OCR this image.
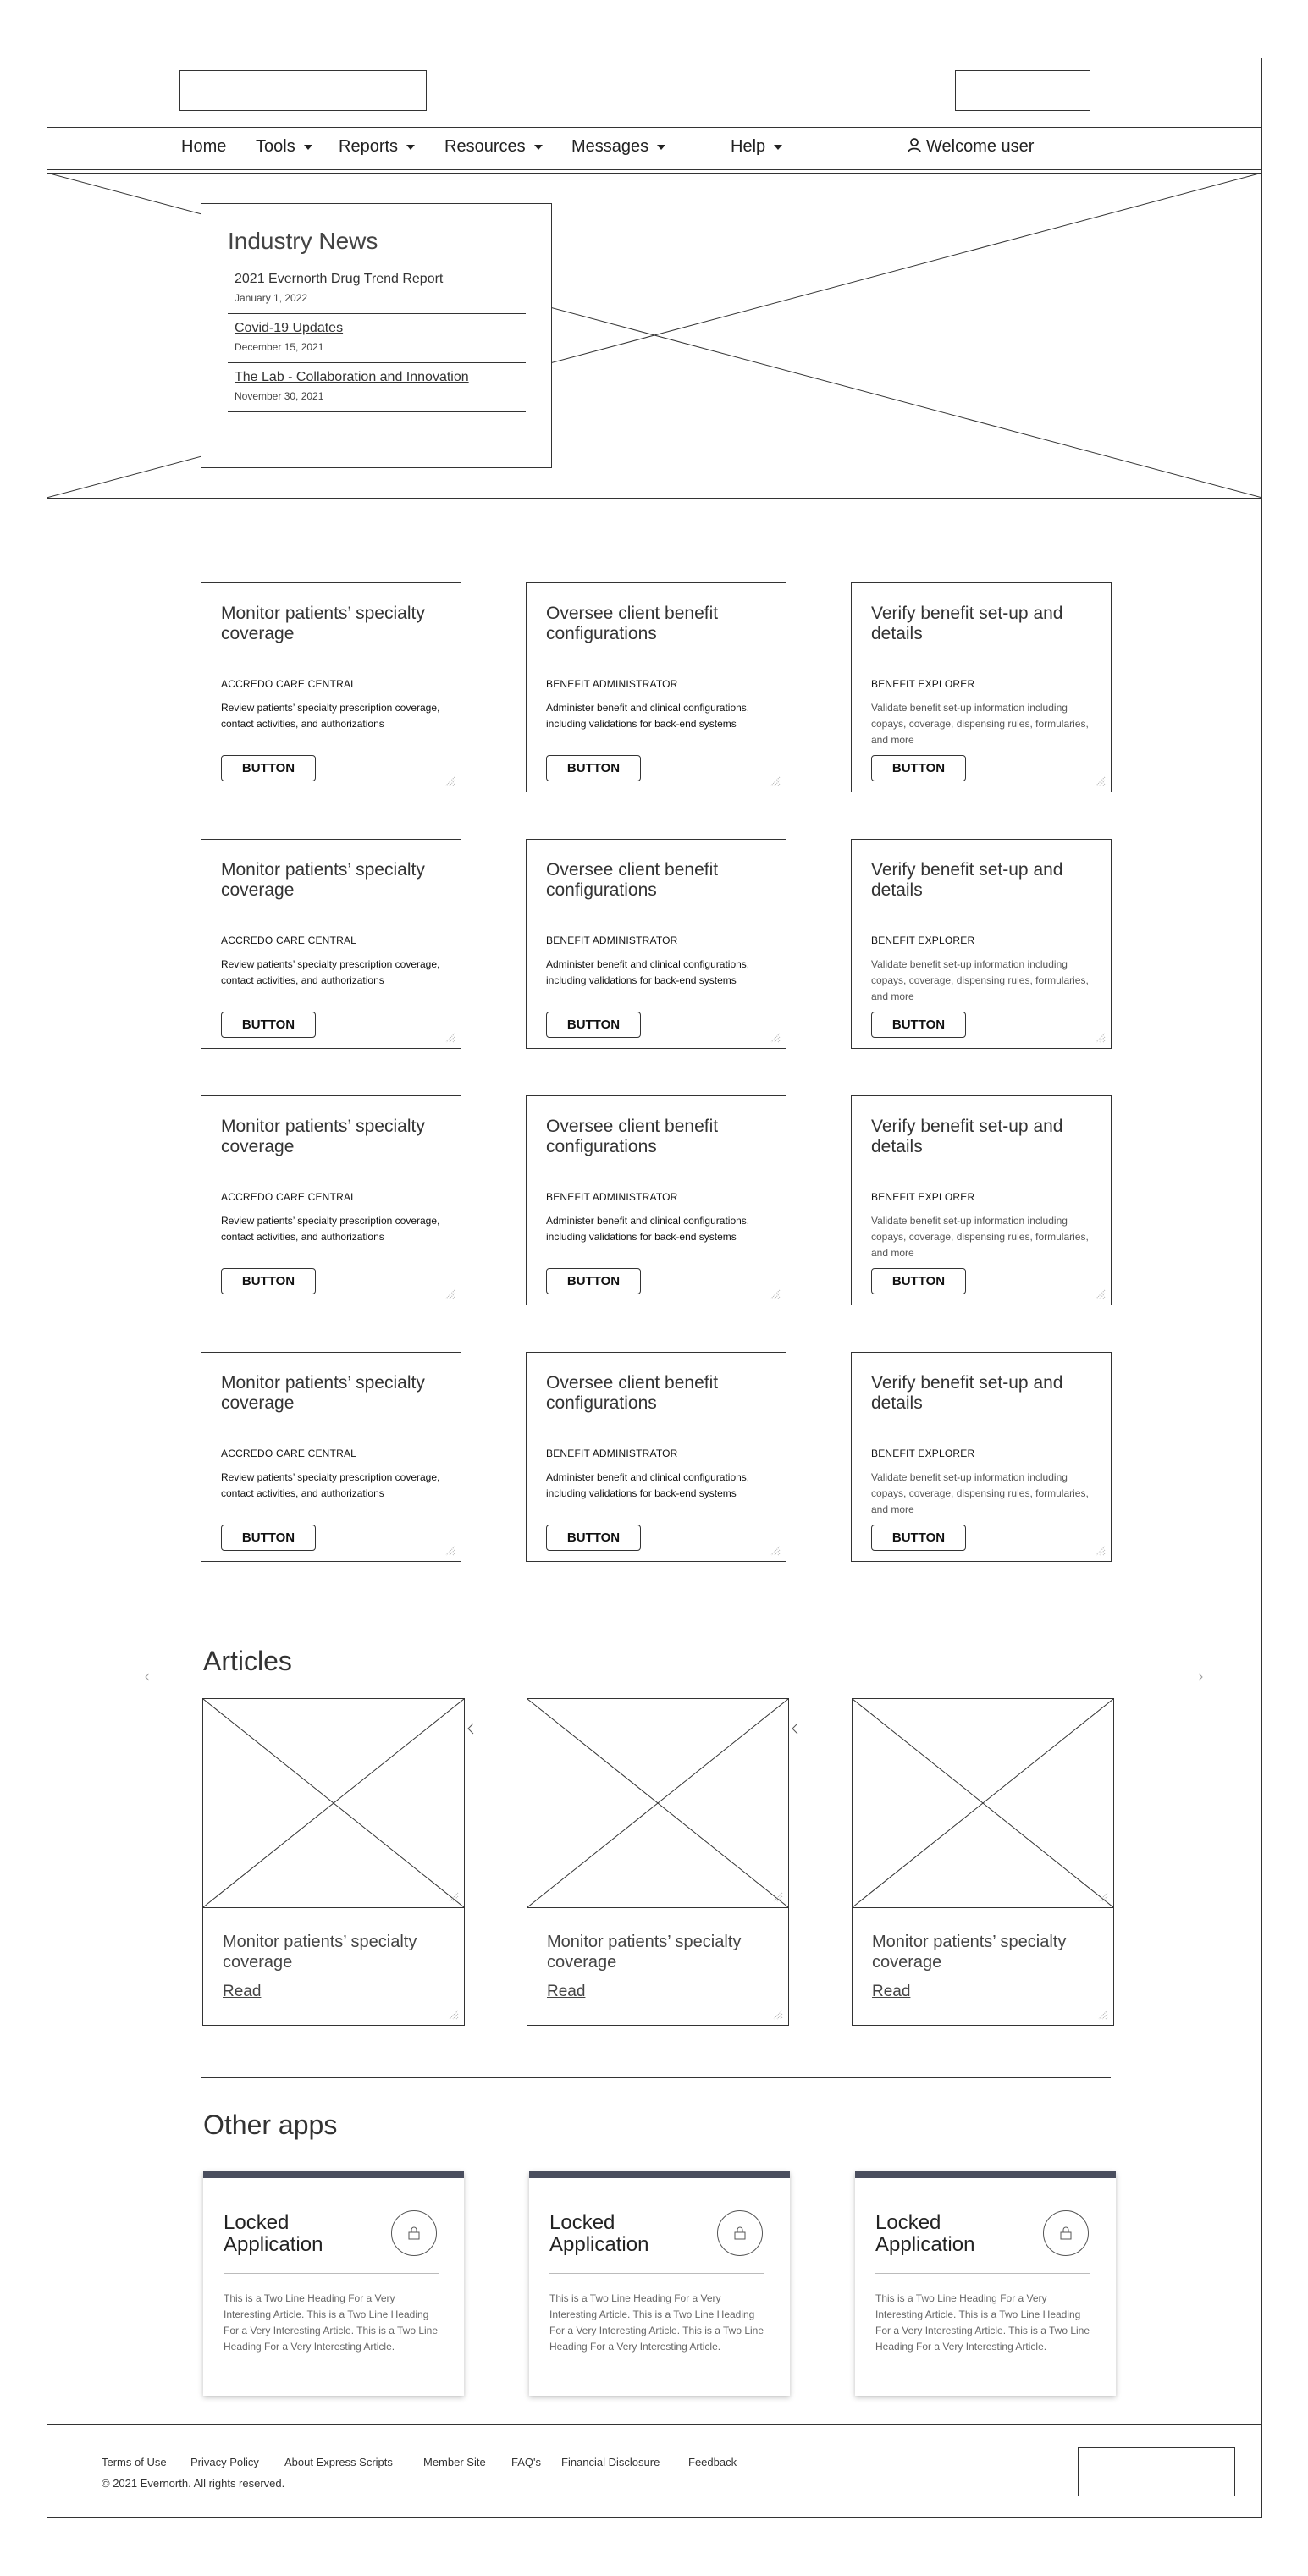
Home Tools	Reports	Resources	Messages	Help	Welcome user
Industry News
2021 Evernorth Drug Trend Report
January 1, 2022
Covid-19 Updates
December 15, 2021
The Lab - Collaboration and Innovation
November 30, 2021
Monitor patients’ specialty coverage
ACCREDO CARE CENTRAL
Review patients’ specialty prescription coverage, contact activities, and authorizations
BUTTON
Oversee client benefit configurations
BENEFIT ADMINISTRATOR
Administer benefit and clinical configurations, including validations for back-end systems
BUTTON
Verify benefit set-up and details
BENEFIT EXPLORER
Validate benefit set-up information including copays, coverage, dispensing rules, formularies, and more
BUTTON
Monitor patients’ specialty coverage
ACCREDO CARE CENTRAL
Review patients’ specialty prescription coverage, contact activities, and authorizations
BUTTON
Oversee client benefit configurations
BENEFIT ADMINISTRATOR
Administer benefit and clinical configurations, including validations for back-end systems
BUTTON
Verify benefit set-up and details
BENEFIT EXPLORER
Validate benefit set-up information including copays, coverage, dispensing rules, formularies, and more
BUTTON
Monitor patients’ specialty coverage
ACCREDO CARE CENTRAL
Review patients’ specialty prescription coverage, contact activities, and authorizations
BUTTON
Oversee client benefit configurations
BENEFIT ADMINISTRATOR
Administer benefit and clinical configurations, including validations for back-end systems
BUTTON
Verify benefit set-up and details
BENEFIT EXPLORER
Validate benefit set-up information including copays, coverage, dispensing rules, formularies, and more
BUTTON
Monitor patients’ specialty coverage
ACCREDO CARE CENTRAL
Review patients’ specialty prescription coverage, contact activities, and authorizations
BUTTON
Oversee client benefit configurations
BENEFIT ADMINISTRATOR
Administer benefit and clinical configurations, including validations for back-end systems
BUTTON
Verify benefit set-up and details
BENEFIT EXPLORER
Validate benefit set-up information including copays, coverage, dispensing rules, formularies, and more
BUTTON
Articles
Monitor patients’ specialty coverage
Read
Monitor patients’ specialty coverage
Read
Monitor patients’ specialty coverage
Read
Other apps
Locked Application
This is a Two Line Heading For a Very Interesting Article. This is a Two Line Heading For a Very Interesting Article. This is a Two Line Heading For a Very Interesting Article.
Locked Application
This is a Two Line Heading For a Very Interesting Article. This is a Two Line Heading For a Very Interesting Article. This is a Two Line Heading For a Very Interesting Article.
Locked Application
This is a Two Line Heading For a Very Interesting Article. This is a Two Line Heading For a Very Interesting Article. This is a Two Line Heading For a Very Interesting Article.
Terms of Use Privacy Policy About Express Scripts	Member Site FAQ's Financial Disclosure	Feedback
© 2021 Evernorth. All rights reserved.
